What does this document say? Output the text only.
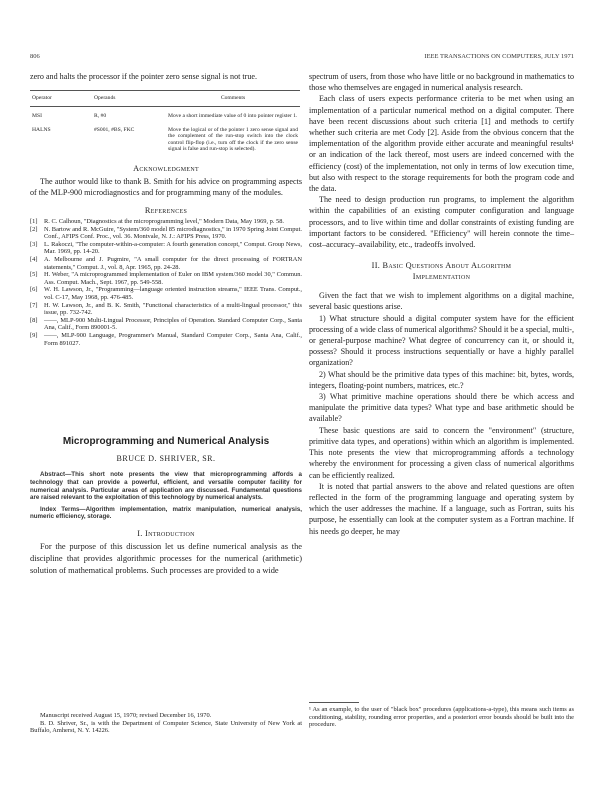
806	IEEE TRANSACTIONS ON COMPUTERS, JULY 1971

zero and halts the processor if the pointer zero sense signal is not true.

Operator	Operands	Comments
MSI	R, #0	Move a short immediate value of 0 into pointer register 1.
HALNS	#S001, #BS, FKC	Move the logical or of the pointer 1 zero sense signal and the complement of the run-stop switch into the clock control flip-flop (i.e., turn off the clock if the zero sense signal is false and run-stop is selected).
Acknowledgment

The author would like to thank B. Smith for his advice on programming aspects of the MLP-900 microdiagnostics and for programming many of the modules.

References
[1]	R. C. Calhoun, "Diagnostics at the microprogramming level," Modern Data, May 1969, p. 58.
[2]	N. Bartow and R. McGuire, "System/360 model 85 microdiagnostics," in 1970 Spring Joint Comput. Conf., AFIPS Conf. Proc., vol. 36. Montvale, N. J.: AFIPS Press, 1970.
[3]	L. Rakoczi, "The computer-within-a-computer: A fourth generation concept," Comput. Group News, Mar. 1969, pp. 14-20.
[4]	A. Melbourne and J. Pugmire, "A small computer for the direct processing of FORTRAN statements," Comput. J., vol. 8, Apr. 1965, pp. 24-28.
[5]	H. Weber, "A microprogrammed implementation of Euler on IBM system/360 model 30," Commun. Ass. Comput. Mach., Sept. 1967, pp. 549-558.
[6]	W. H. Lawson, Jr., "Programming—language oriented instruction streams," IEEE Trans. Comput., vol. C-17, May 1968, pp. 476-485.
[7]	H. W. Lawson, Jr., and B. K. Smith, "Functional characteristics of a multi-lingual processor," this issue, pp. 732-742.
[8]	——, MLP-900 Multi-Lingual Processor, Principles of Operation. Standard Computer Corp., Santa Ana, Calif., Form 890001-5.
[9]	——, MLP-900 Language, Programmer's Manual, Standard Computer Corp., Santa Ana, Calif., Form 891027.
Microprogramming and Numerical Analysis
BRUCE D. SHRIVER, SR.
Abstract—This short note presents the view that microprogramming affords a technology that can provide a powerful, efficient, and versatile computer facility for numerical analysis. Particular areas of application are discussed. Fundamental questions are raised relevant to the exploitation of this technology by numerical analysts.
Index Terms—Algorithm implementation, matrix manipulation, numerical analysis, numeric efficiency, storage.
I. Introduction

For the purpose of this discussion let us define numerical analysis as the discipline that provides algorithmic processes for the numerical (arithmetic) solution of mathematical problems. Such processes are provided to a wide

Manuscript received August 15, 1970; revised December 16, 1970.

B. D. Shriver, Sr., is with the Department of Computer Science, State University of New York at Buffalo, Amherst, N. Y. 14226.

spectrum of users, from those who have little or no background in mathematics to those who themselves are engaged in numerical analysis research.

Each class of users expects performance criteria to be met when using an implementation of a particular numerical method on a digital computer. There have been recent discussions about such criteria [1] and methods to certify whether such criteria are met Cody [2]. Aside from the obvious concern that the implementation of the algorithm provide either accurate and meaningful results¹ or an indication of the lack thereof, most users are indeed concerned with the efficiency (cost) of the implementation, not only in terms of low execution time, but also with respect to the storage requirements for both the program code and the data.

The need to design production run programs, to implement the algorithm within the capabilities of an existing computer configuration and language processors, and to live within time and dollar constraints of existing funding are important factors to be considered. "Efficiency" will herein connote the time–cost–accuracy–availability, etc., tradeoffs involved.

II. Basic Questions About Algorithm
Implementation

Given the fact that we wish to implement algorithms on a digital machine, several basic questions arise.

1) What structure should a digital computer system have for the efficient processing of a wide class of numerical algorithms? Should it be a special, multi-, or general-purpose machine? What degree of concurrency can it, or should it, possess? Should it process instructions sequentially or have a highly parallel organization?

2) What should be the primitive data types of this machine: bit, bytes, words, integers, floating-point numbers, matrices, etc.?

3) What primitive machine operations should there be which access and manipulate the primitive data types? What type and base arithmetic should be available?

These basic questions are said to concern the "environment" (structure, primitive data types, and operations) within which an algorithm is implemented. This note presents the view that microprogramming affords a technology whereby the environment for processing a given class of numerical algorithms can be efficiently realized.

It is noted that partial answers to the above and related questions are often reflected in the form of the programming language and operating system by which the user addresses the machine. If a language, such as Fortran, suits his purpose, he essentially can look at the computer system as a Fortran machine. If his needs go deeper, he may

¹ As an example, to the user of "black box" procedures (applications-a-type), this means such items as conditioning, stability, rounding error properties, and a posteriori error bounds should be built into the procedure.
